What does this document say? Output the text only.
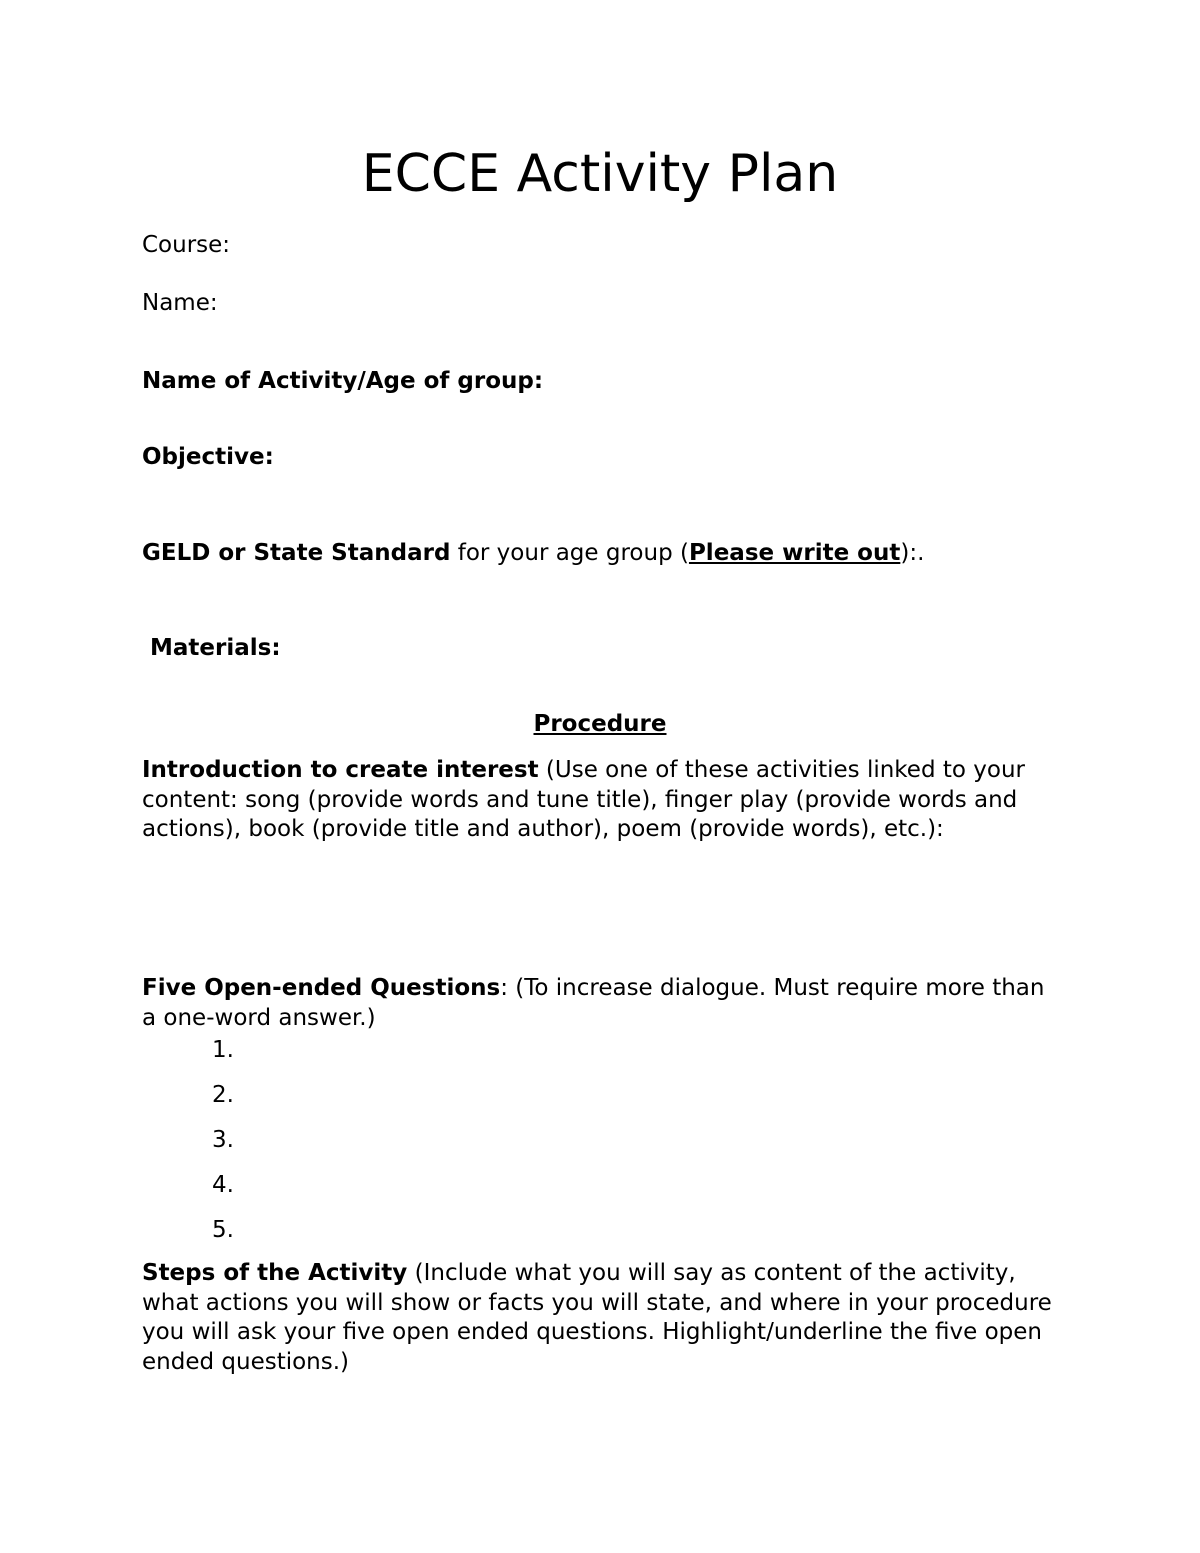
ECCE Activity Plan

Course:

Name:

Name of Activity/Age of group:

Objective:

GELD or State Standard for your age group (Please write out):.

Materials:

Procedure

Introduction to create interest (Use one of these activities linked to your content: song (provide words and tune title), finger play (provide words and actions), book (provide title and author), poem (provide words), etc.):

Five Open-ended Questions: (To increase dialogue. Must require more than a one-word answer.)

1.

2.

3.

4.

5.

Steps of the Activity (Include what you will say as content of the activity, what actions you will show or facts you will state, and where in your procedure you will ask your five open ended questions. Highlight/underline the five open ended questions.)
